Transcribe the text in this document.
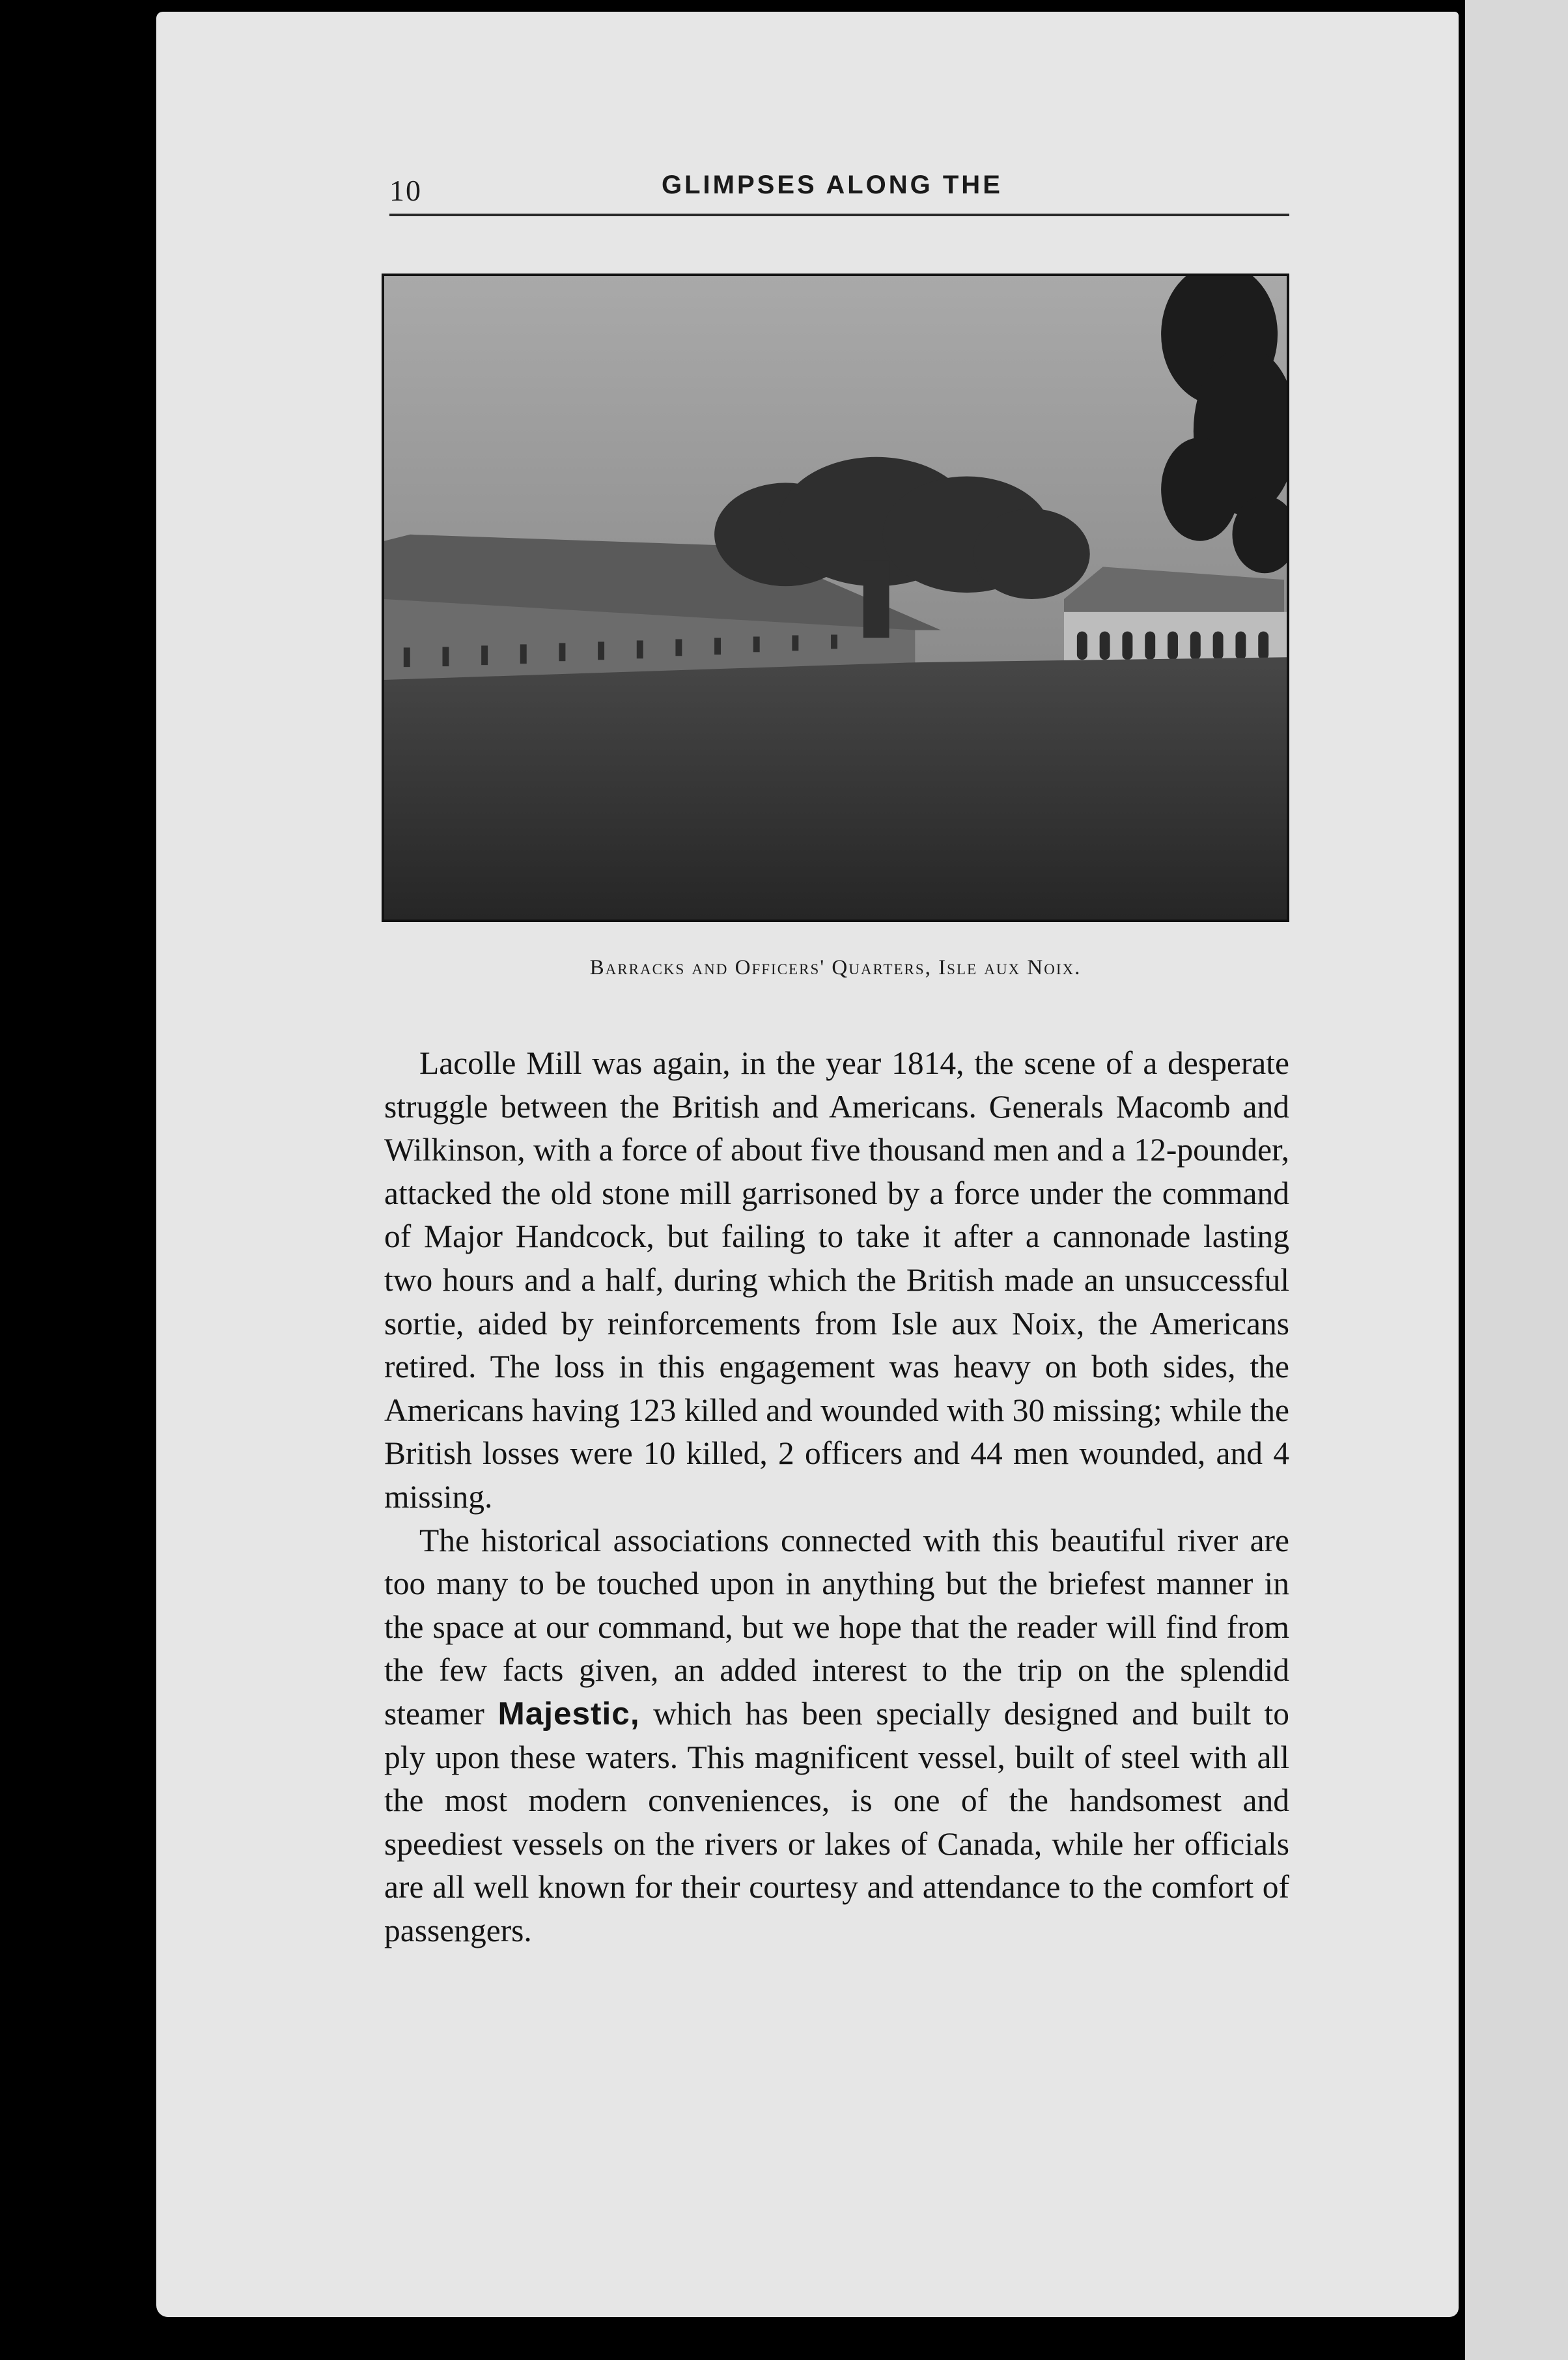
10	GLIMPSES ALONG THE
Barracks and Officers' Quarters, Isle aux Noix.

Lacolle Mill was again, in the year 1814, the scene of a desperate struggle between the British and Americans. Generals Macomb and Wilkinson, with a force of about five thousand men and a 12-pounder, attacked the old stone mill garrisoned by a force under the command of Major Handcock, but failing to take it after a cannonade lasting two hours and a half, during which the British made an unsuccessful sortie, aided by reinforcements from Isle aux Noix, the Americans retired. The loss in this engagement was heavy on both sides, the Americans having 123 killed and wounded with 30 missing; while the British losses were 10 killed, 2 officers and 44 men wounded, and 4 missing.

The historical associations connected with this beautiful river are too many to be touched upon in anything but the briefest manner in the space at our command, but we hope that the reader will find from the few facts given, an added interest to the trip on the splendid steamer Majestic, which has been specially designed and built to ply upon these waters. This magnificent vessel, built of steel with all the most modern conveniences, is one of the handsomest and speediest vessels on the rivers or lakes of Canada, while her officials are all well known for their courtesy and attendance to the comfort of passengers.
